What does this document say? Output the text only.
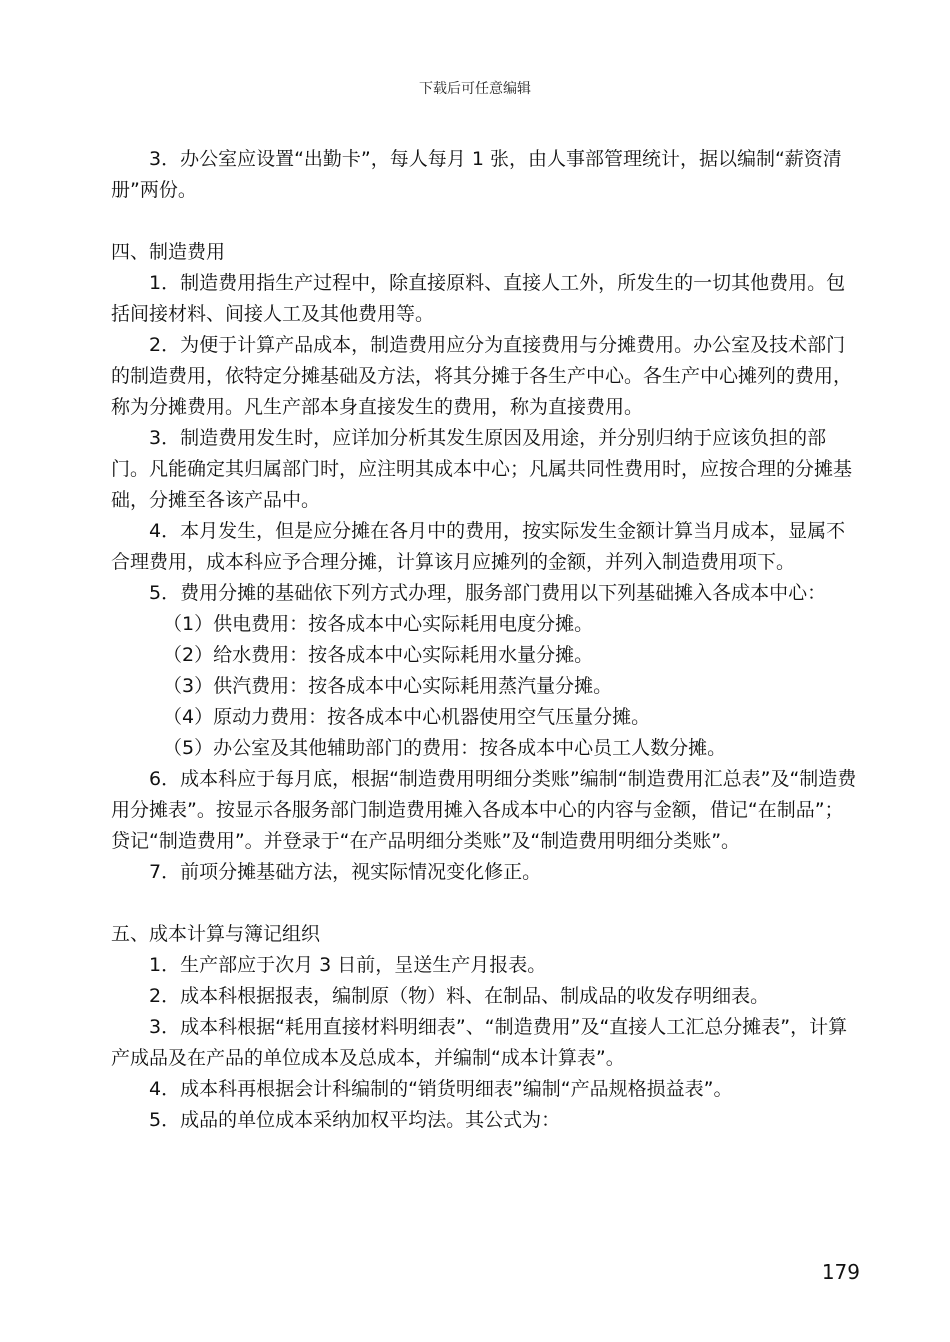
下载后可任意编辑

3．办公室应设置“出勤卡”，每人每月 1 张，由人事部管理统计，据以编制“薪资清册”两份。

四、制造费用

1．制造费用指生产过程中，除直接原料、直接人工外，所发生的一切其他费用。包括间接材料、间接人工及其他费用等。

2．为便于计算产品成本，制造费用应分为直接费用与分摊费用。办公室及技术部门的制造费用，依特定分摊基础及方法，将其分摊于各生产中心。各生产中心摊列的费用，称为分摊费用。凡生产部本身直接发生的费用，称为直接费用。

3．制造费用发生时，应详加分析其发生原因及用途，并分别归纳于应该负担的部门。凡能确定其归属部门时，应注明其成本中心；凡属共同性费用时，应按合理的分摊基础，分摊至各该产品中。

4．本月发生，但是应分摊在各月中的费用，按实际发生金额计算当月成本，显属不合理费用，成本科应予合理分摊，计算该月应摊列的金额，并列入制造费用项下。

5．费用分摊的基础依下列方式办理，服务部门费用以下列基础摊入各成本中心：

（1）供电费用：按各成本中心实际耗用电度分摊。

（2）给水费用：按各成本中心实际耗用水量分摊。

（3）供汽费用：按各成本中心实际耗用蒸汽量分摊。

（4）原动力费用：按各成本中心机器使用空气压量分摊。

（5）办公室及其他辅助部门的费用：按各成本中心员工人数分摊。

6．成本科应于每月底，根据“制造费用明细分类账”编制“制造费用汇总表”及“制造费用分摊表”。按显示各服务部门制造费用摊入各成本中心的内容与金额，借记“在制品”；贷记“制造费用”。并登录于“在产品明细分类账”及“制造费用明细分类账”。

7．前项分摊基础方法，视实际情况变化修正。

五、成本计算与簿记组织

1．生产部应于次月 3 日前，呈送生产月报表。

2．成本科根据报表，编制原（物）料、在制品、制成品的收发存明细表。

3．成本科根据“耗用直接材料明细表”、“制造费用”及“直接人工汇总分摊表”，计算产成品及在产品的单位成本及总成本，并编制“成本计算表”。

4．成本科再根据会计科编制的“销货明细表”编制“产品规格损益表”。

5．成品的单位成本采纳加权平均法。其公式为：

179
